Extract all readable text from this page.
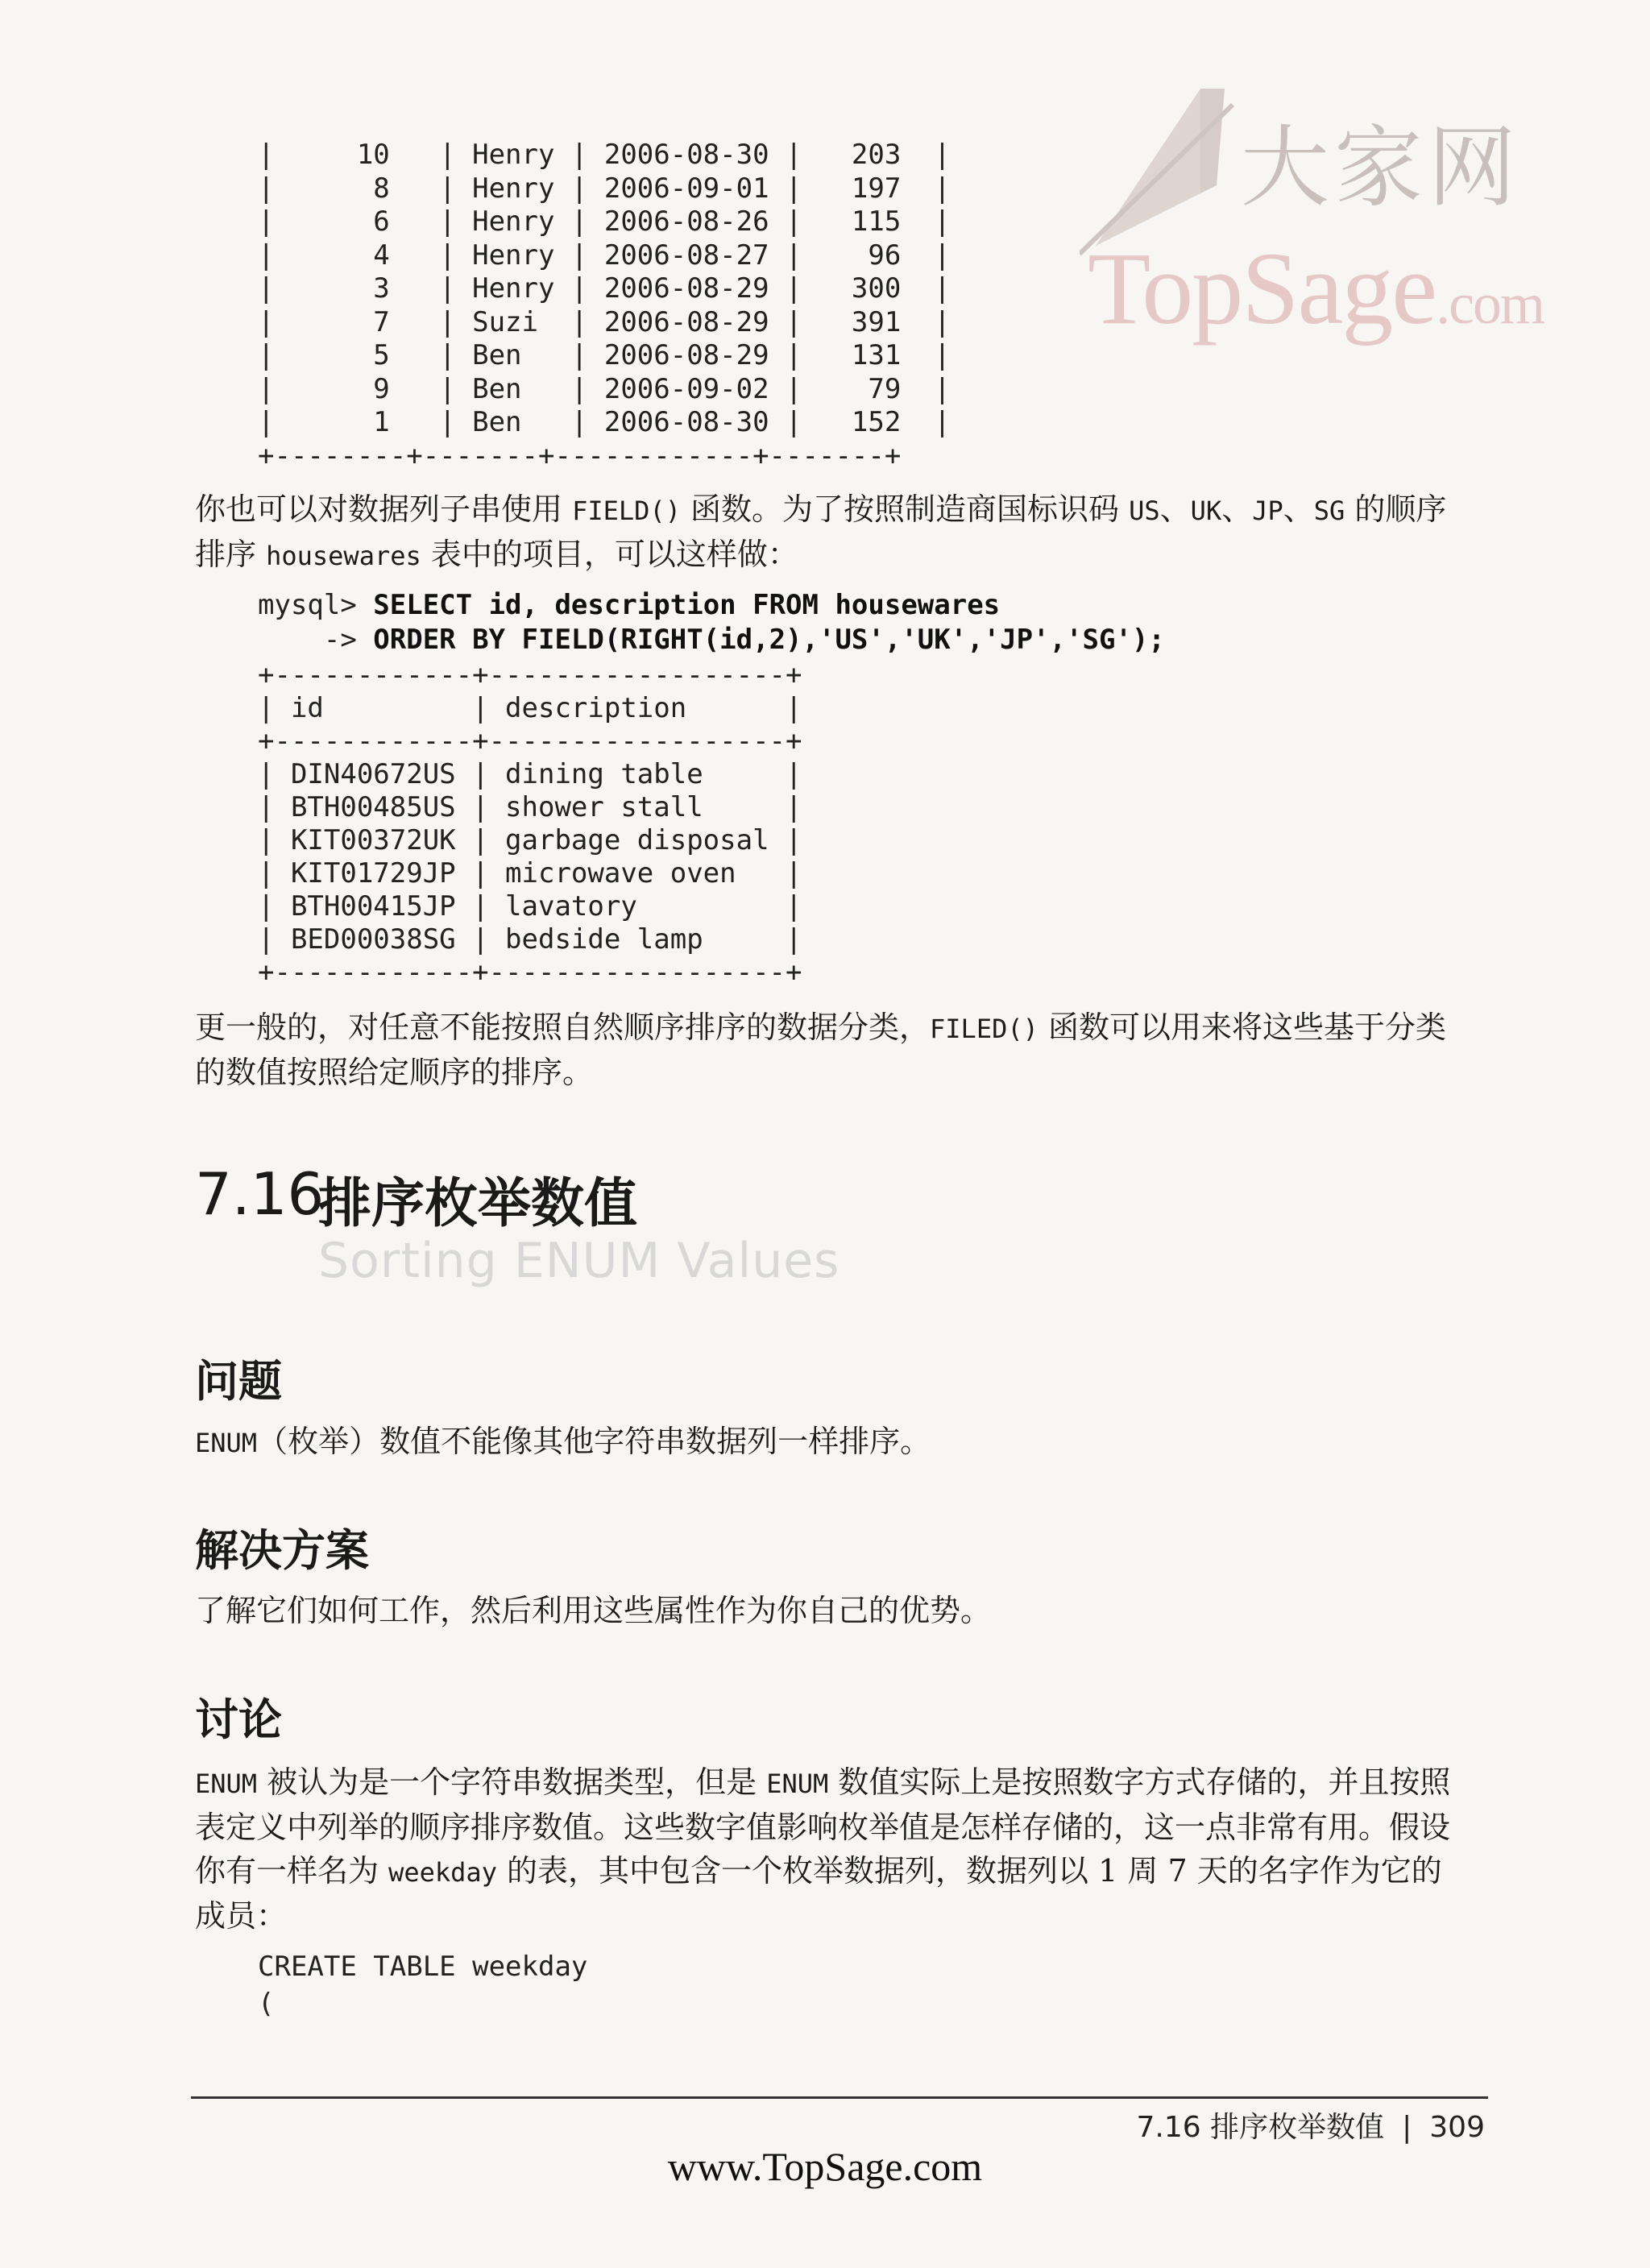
大家网
TopSage.com
|     10   | Henry | 2006-08-30 |   203  |
|      8   | Henry | 2006-09-01 |   197  |
|      6   | Henry | 2006-08-26 |   115  |
|      4   | Henry | 2006-08-27 |    96  |
|      3   | Henry | 2006-08-29 |   300  |
|      7   | Suzi  | 2006-08-29 |   391  |
|      5   | Ben   | 2006-08-29 |   131  |
|      9   | Ben   | 2006-09-02 |    79  |
|      1   | Ben   | 2006-08-30 |   152  |
+--------+-------+------------+-------+

你也可以对数据列子串使用 FIELD() 函数。为了按照制造商国标识码 US、UK、JP、SG 的顺序排序 housewares 表中的项目，可以这样做：

mysql> SELECT id, description FROM housewares
-> ORDER BY FIELD(RIGHT(id,2),'US','UK','JP','SG');
+------------+------------------+
| id         | description      |
+------------+------------------+
| DIN40672US | dining table     |
| BTH00485US | shower stall     |
| KIT00372UK | garbage disposal |
| KIT01729JP | microwave oven   |
| BTH00415JP | lavatory         |
| BED00038SG | bedside lamp     |
+------------+------------------+

更一般的，对任意不能按照自然顺序排序的数据分类，FILED() 函数可以用来将这些基于分类的数值按照给定顺序的排序。

7.16
排序枚举数值
Sorting ENUM Values
问题

ENUM（枚举）数值不能像其他字符串数据列一样排序。

解决方案

了解它们如何工作，然后利用这些属性作为你自己的优势。

讨论

ENUM 被认为是一个字符串数据类型，但是 ENUM 数值实际上是按照数字方式存储的，并且按照表定义中列举的顺序排序数值。这些数字值影响枚举值是怎样存储的，这一点非常有用。假设你有一样名为 weekday 的表，其中包含一个枚举数据列，数据列以 1 周 7 天的名字作为它的成员：

CREATE TABLE weekday
(
7.16 排序枚举数值 | 309
www.TopSage.com
